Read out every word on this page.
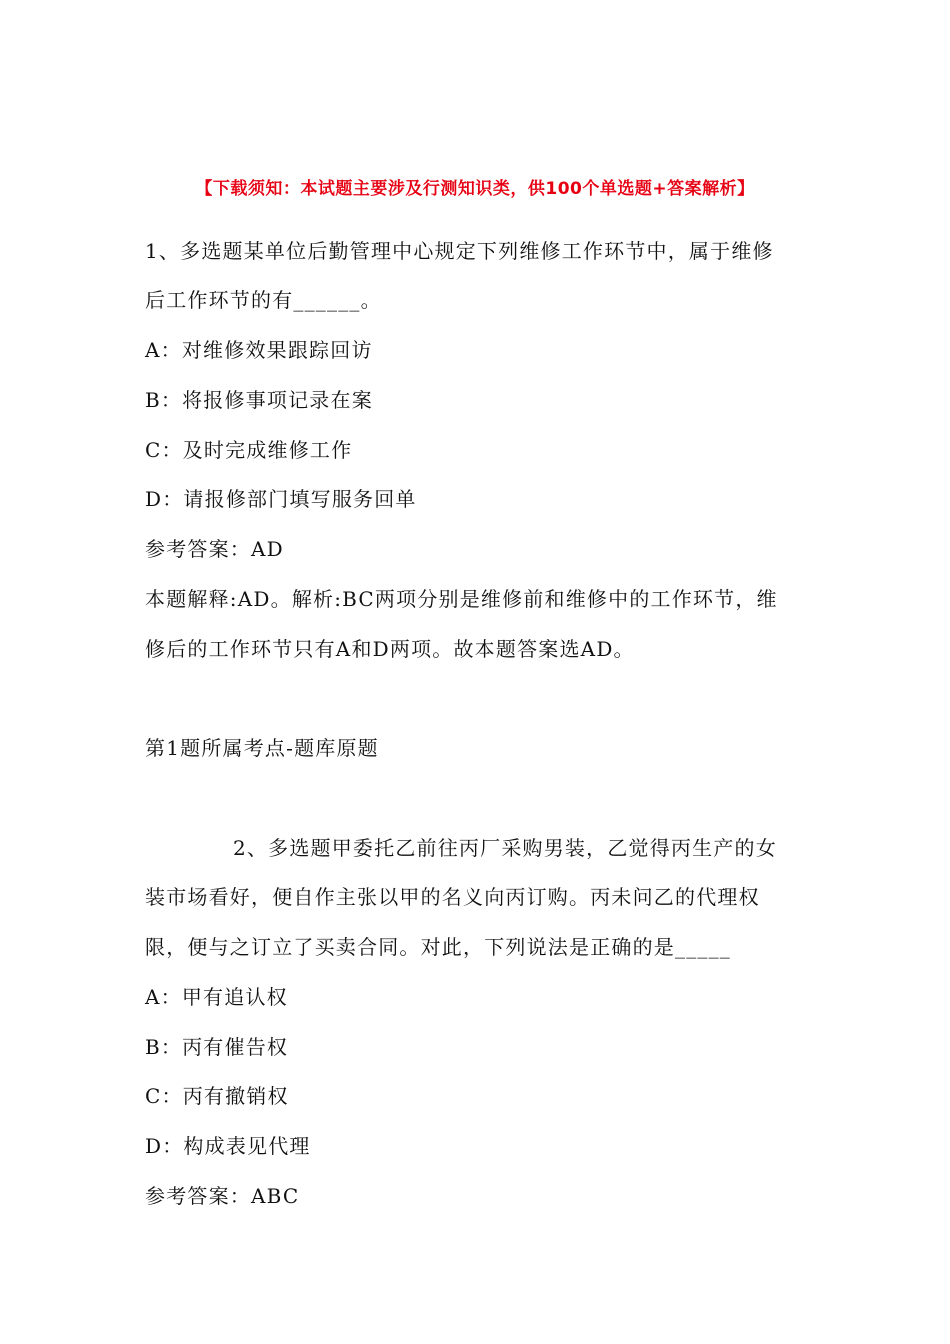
【下载须知：本试题主要涉及行测知识类，供100个单选题+答案解析】
1、多选题某单位后勤管理中心规定下列维修工作环节中，属于维修
后工作环节的有______。
A：对维修效果跟踪回访
B：将报修事项记录在案
C：及时完成维修工作
D：请报修部门填写服务回单
参考答案：AD
本题解释:AD。解析:BC两项分别是维修前和维修中的工作环节，维
修后的工作环节只有A和D两项。故本题答案选AD。
第1题所属考点-题库原题
2、多选题甲委托乙前往丙厂采购男装，乙觉得丙生产的女
装市场看好，便自作主张以甲的名义向丙订购。丙未问乙的代理权
限，便与之订立了买卖合同。对此，下列说法是正确的是_____
A：甲有追认权
B：丙有催告权
C：丙有撤销权
D：构成表见代理
参考答案：ABC
